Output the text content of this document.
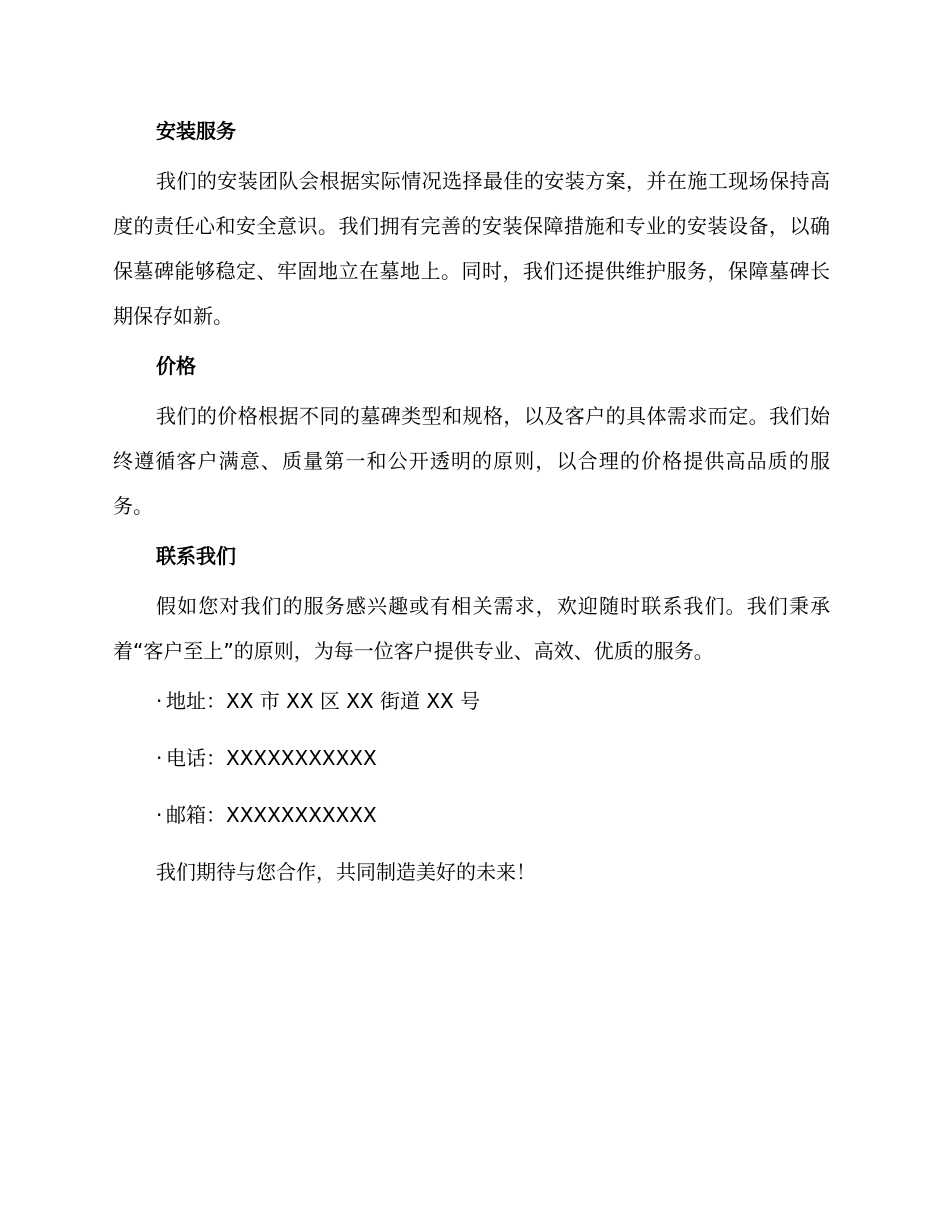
安装服务

我们的安装团队会根据实际情况选择最佳的安装方案，并在施工现场保持高度的责任心和安全意识。我们拥有完善的安装保障措施和专业的安装设备，以确保墓碑能够稳定、牢固地立在墓地上。同时，我们还提供维护服务，保障墓碑长期保存如新。

价格

我们的价格根据不同的墓碑类型和规格，以及客户的具体需求而定。我们始终遵循客户满意、质量第一和公开透明的原则，以合理的价格提供高品质的服务。

联系我们

假如您对我们的服务感兴趣或有相关需求，欢迎随时联系我们。我们秉承着“客户至上”的原则，为每一位客户提供专业、高效、优质的服务。

· 地址：XX 市 XX 区 XX 街道 XX 号

· 电话：XXXXXXXXXXX

· 邮箱：XXXXXXXXXXX

我们期待与您合作，共同制造美好的未来！
